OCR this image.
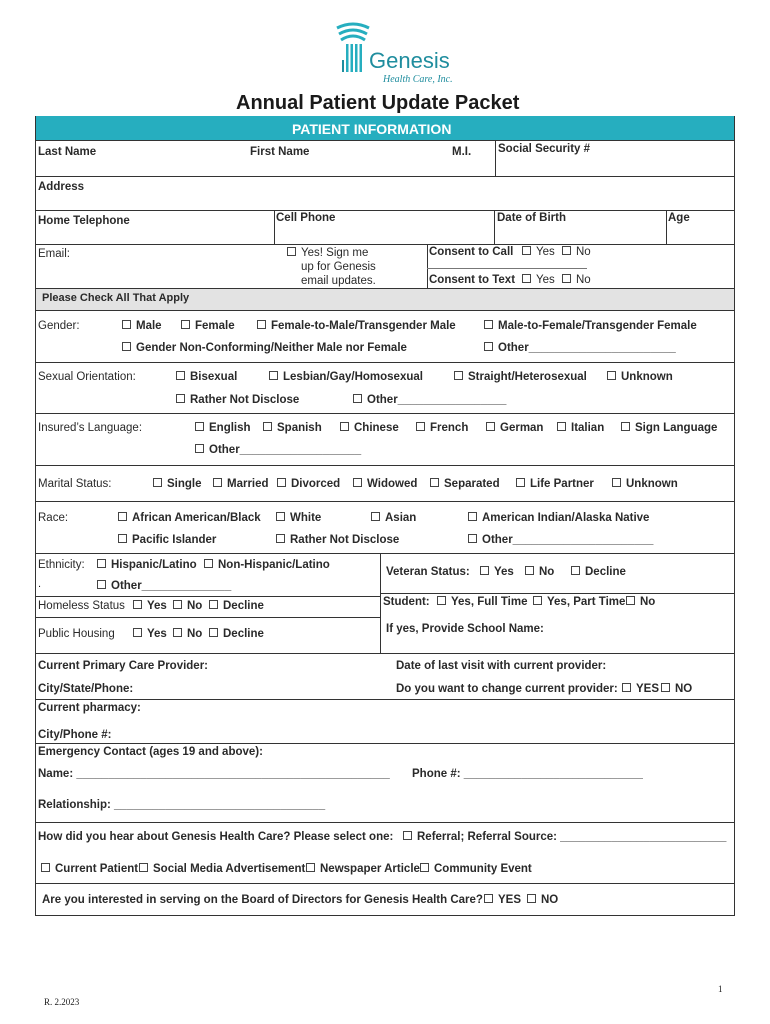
Genesis
Health Care, Inc.
Annual Patient Update Packet
PATIENT INFORMATION
Last Name	First Name	M.I. Social Security #
Address
Home Telephone	Cell Phone	Date of Birth	Age
Email:	Yes! Sign me
up for Genesis
email updates.
Consent to Call	Yes	No
Consent to Text	Yes	No
Please Check All That Apply
Gender:	Male	Female	Female-to-Male/Transgender Male	Male-to-Female/Transgender Female
Gender Non-Conforming/Neither Male nor Female	Other_______________________
Sexual Orientation:	Bisexual	Lesbian/Gay/Homosexual	Straight/Heterosexual	Unknown
Rather Not Disclose	Other_________________
Insured’s Language:	English	Spanish	Chinese	French	German	Italian	Sign Language
Other___________________
Marital Status:	Single	Married	Divorced	Widowed	Separated	Life Partner	Unknown
Race:	African American/Black	White	Asian	American Indian/Alaska Native
Pacific Islander	Rather Not Disclose	Other______________________
Ethnicity:	Hispanic/Latino	Non-Hispanic/Latino
.	Other______________
Veteran Status:	Yes	No	Decline
Homeless Status	Yes	No	Decline	Student:	Yes, Full Time	Yes, Part Time	No
Public Housing	Yes	No	Decline	If yes, Provide School Name:
Current Primary Care Provider:	Date of last visit with current provider:
City/State/Phone:	Do you want to change current provider:	YES	NO
Current pharmacy:
City/Phone #:
Emergency Contact (ages 19 and above):
Name: _________________________________________________ Phone #: ____________________________
Relationship: _________________________________
How did you hear about Genesis Health Care? Please select one:	Referral; Referral Source: __________________________
Current Patient	Social Media Advertisement	Newspaper Article	Community Event
Are you interested in serving on the Board of Directors for Genesis Health Care?	YES	NO
1
R. 2.2023
